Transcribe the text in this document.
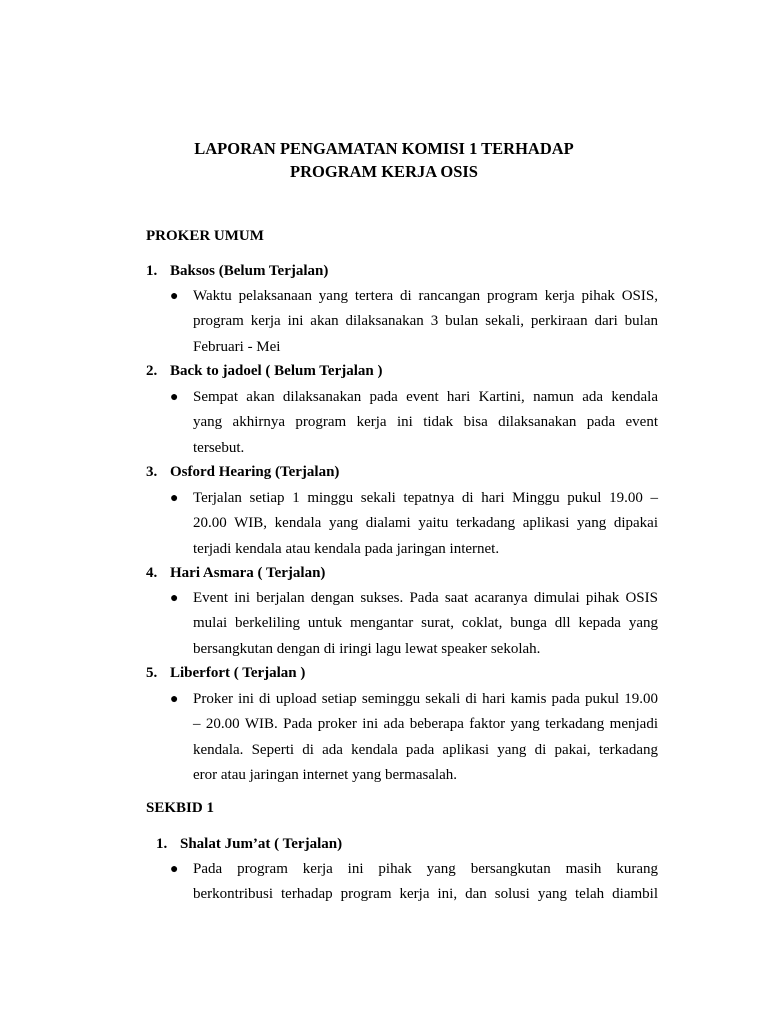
LAPORAN PENGAMATAN KOMISI 1 TERHADAP
PROGRAM KERJA OSIS
PROKER UMUM
1. Baksos (Belum Terjalan)
● Waktu pelaksanaan yang tertera di rancangan program kerja pihak OSIS,
program kerja ini akan dilaksanakan 3 bulan sekali, perkiraan dari bulan
Februari - Mei

2. Back to jadoel ( Belum Terjalan )
● Sempat akan dilaksanakan pada event hari Kartini, namun ada kendala
yang akhirnya program kerja ini tidak bisa dilaksanakan pada event
tersebut.

3. Osford Hearing (Terjalan)
● Terjalan setiap 1 minggu sekali tepatnya di hari Minggu pukul 19.00 –
20.00 WIB, kendala yang dialami yaitu terkadang aplikasi yang dipakai
terjadi kendala atau kendala pada jaringan internet.

4. Hari Asmara ( Terjalan)
● Event ini berjalan dengan sukses. Pada saat acaranya dimulai pihak OSIS
mulai berkeliling untuk mengantar surat, coklat, bunga dll kepada yang
bersangkutan dengan di iringi lagu lewat speaker sekolah.

5. Liberfort ( Terjalan )
● Proker ini di upload setiap seminggu sekali di hari kamis pada pukul 19.00
– 20.00 WIB. Pada proker ini ada beberapa faktor yang terkadang menjadi
kendala. Seperti di ada kendala pada aplikasi yang di pakai, terkadang
eror atau jaringan internet yang bermasalah.

SEKBID 1
1. Shalat Jum’at ( Terjalan)
● Pada program kerja ini pihak yang bersangkutan masih kurang
berkontribusi terhadap program kerja ini, dan solusi yang telah diambil
